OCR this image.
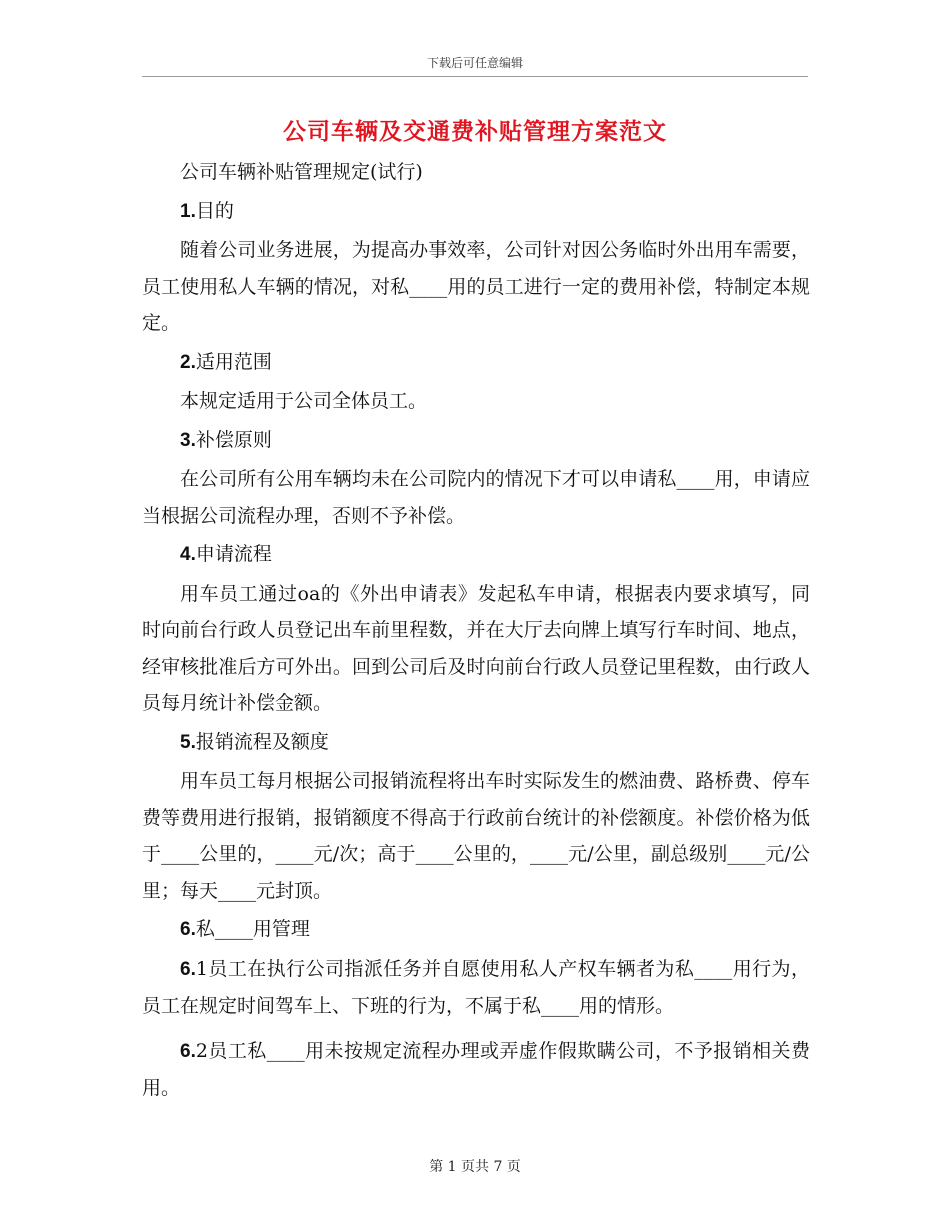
下载后可任意编辑
公司车辆及交通费补贴管理方案范文

公司车辆补贴管理规定(试行)

1.目的

随着公司业务进展，为提高办事效率，公司针对因公务临时外出用车需要，员工使用私人车辆的情况，对私____用的员工进行一定的费用补偿，特制定本规定。

2.适用范围

本规定适用于公司全体员工。

3.补偿原则

在公司所有公用车辆均未在公司院内的情况下才可以申请私____用，申请应当根据公司流程办理，否则不予补偿。

4.申请流程

用车员工通过oa的《外出申请表》发起私车申请，根据表内要求填写，同时向前台行政人员登记出车前里程数，并在大厅去向牌上填写行车时间、地点，经审核批准后方可外出。回到公司后及时向前台行政人员登记里程数，由行政人员每月统计补偿金额。

5.报销流程及额度

用车员工每月根据公司报销流程将出车时实际发生的燃油费、路桥费、停车费等费用进行报销，报销额度不得高于行政前台统计的补偿额度。补偿价格为低于____公里的，____元/次；高于____公里的，____元/公里，副总级别____元/公里；每天____元封顶。

6.私____用管理

6.1员工在执行公司指派任务并自愿使用私人产权车辆者为私____用行为，员工在规定时间驾车上、下班的行为，不属于私____用的情形。

6.2员工私____用未按规定流程办理或弄虚作假欺瞒公司，不予报销相关费用。

第 1 页共 7 页
